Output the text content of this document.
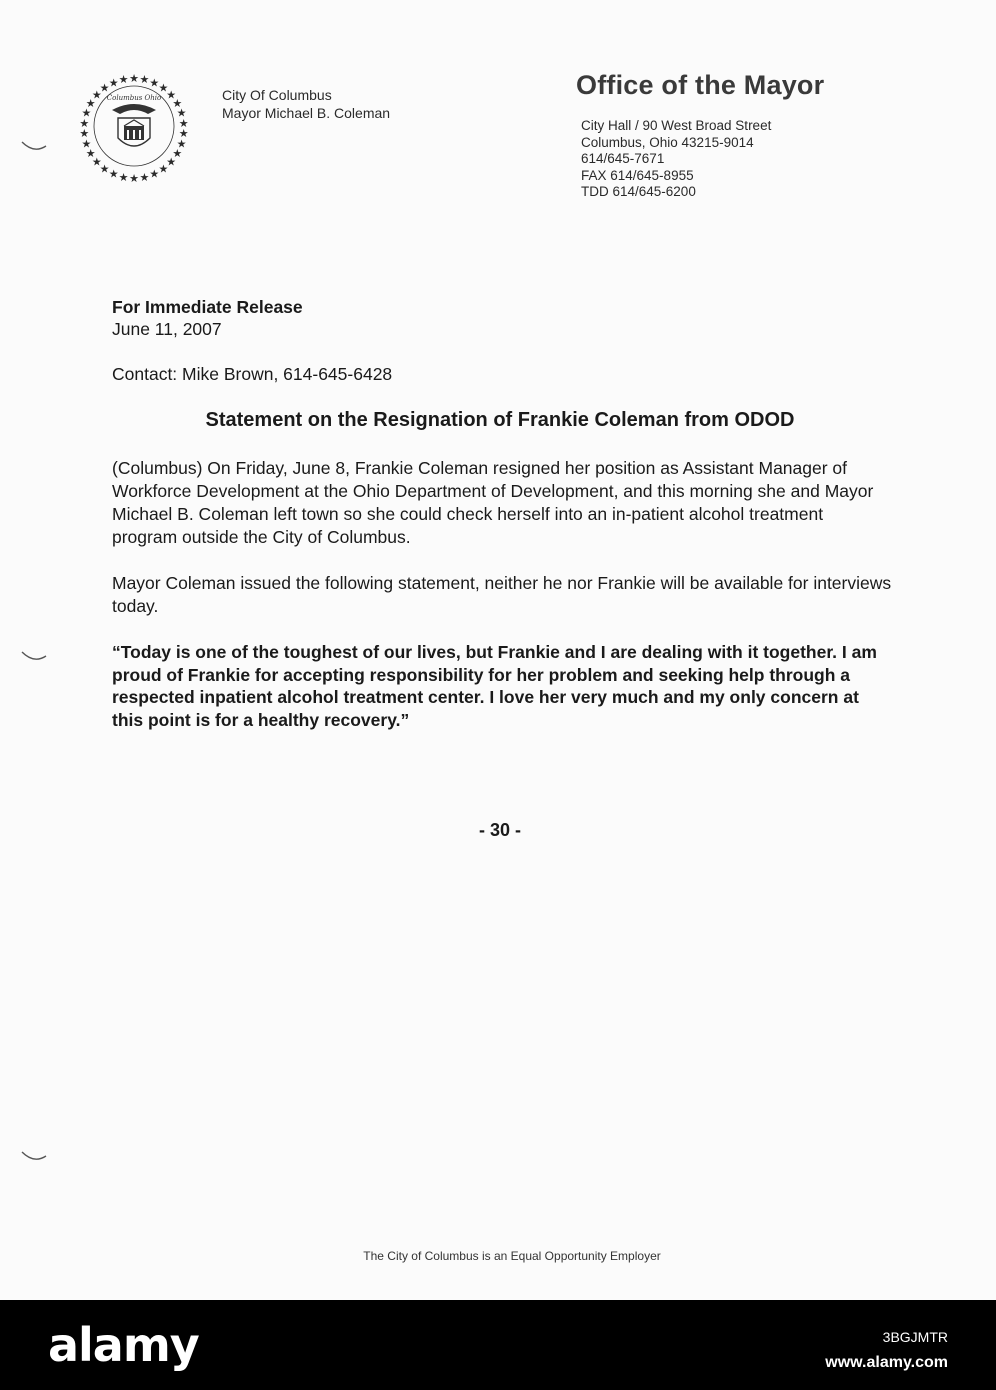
★ ★ ★ ★
★
★
★
★
★
★
★
★
★
★
★
★
★
★
★
★
★
★
★
★
★
★
★
★ ★ ★
Columbus Ohio	City Of Columbus
Mayor Michael B. Coleman
Office of the Mayor
City Hall / 90 West Broad Street
Columbus, Ohio 43215-9014
614/645-7671
FAX 614/645-8955
TDD 614/645-6200
For Immediate Release
June 11, 2007
Contact: Mike Brown, 614-645-6428
Statement on the Resignation of Frankie Coleman from ODOD
(Columbus) On Friday, June 8, Frankie Coleman resigned her position as Assistant Manager of Workforce Development at the Ohio Department of Development, and this morning she and Mayor Michael B. Coleman left town so she could check herself into an in-patient alcohol treatment program outside the City of Columbus.
Mayor Coleman issued the following statement, neither he nor Frankie will be available for interviews today.
“Today is one of the toughest of our lives, but Frankie and I are dealing with it together. I am proud of Frankie for accepting responsibility for her problem and seeking help through a respected inpatient alcohol treatment center. I love her very much and my only concern at this point is for a healthy recovery.”
- 30 -
The City of Columbus is an Equal Opportunity Employer
alamy	3BGJMTR
www.alamy.com
